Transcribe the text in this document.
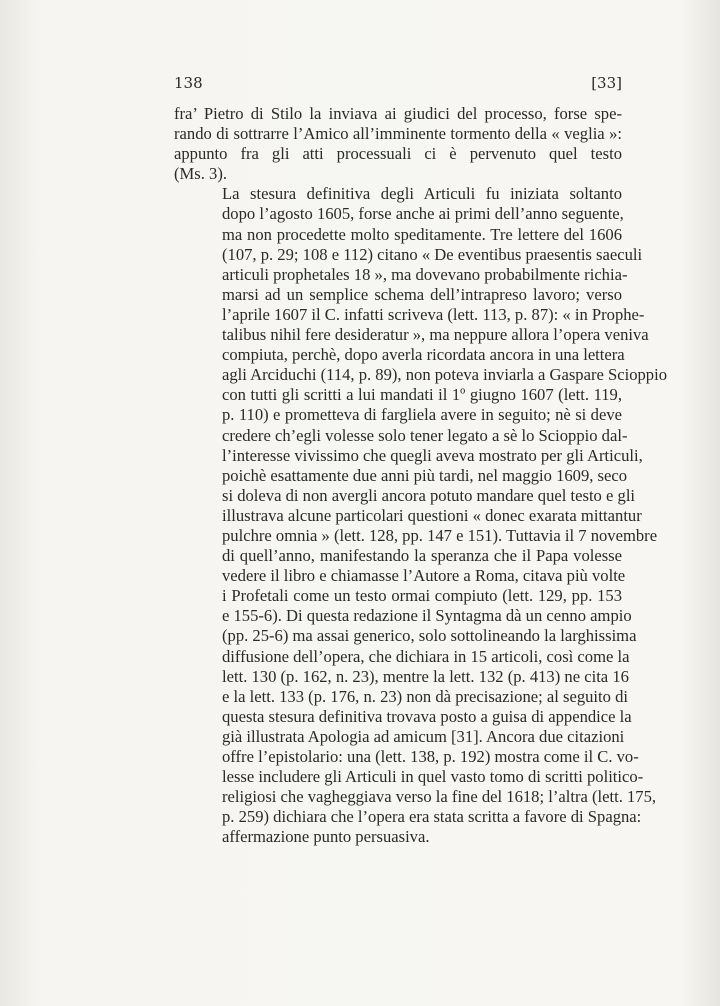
138	[33]

fra’ Pietro di Stilo la inviava ai giudici del processo, forse spe-
rando di sottrarre l’Amico all’imminente tormento della « veglia »:
appunto fra gli atti processuali ci è pervenuto quel testo
(Ms. 3).

La stesura definitiva degli Articuli fu iniziata soltanto
dopo l’agosto 1605, forse anche ai primi dell’anno seguente,
ma non procedette molto speditamente. Tre lettere del 1606
(107, p. 29; 108 e 112) citano « De eventibus praesentis saeculi
articuli prophetales 18 », ma dovevano probabilmente richia-
marsi ad un semplice schema dell’intrapreso lavoro; verso
l’aprile 1607 il C. infatti scriveva (lett. 113, p. 87): « in Prophe-
talibus nihil fere desideratur », ma neppure allora l’opera veniva
compiuta, perchè, dopo averla ricordata ancora in una lettera
agli Arciduchi (114, p. 89), non poteva inviarla a Gaspare Scioppio
con tutti gli scritti a lui mandati il 1º giugno 1607 (lett. 119,
p. 110) e prometteva di fargliela avere in seguito; nè si deve
credere ch’egli volesse solo tener legato a sè lo Scioppio dal-
l’interesse vivissimo che quegli aveva mostrato per gli Articuli,
poichè esattamente due anni più tardi, nel maggio 1609, seco
si doleva di non avergli ancora potuto mandare quel testo e gli
illustrava alcune particolari questioni « donec exarata mittantur
pulchre omnia » (lett. 128, pp. 147 e 151). Tuttavia il 7 novembre
di quell’anno, manifestando la speranza che il Papa volesse
vedere il libro e chiamasse l’Autore a Roma, citava più volte
i Profetali come un testo ormai compiuto (lett. 129, pp. 153
e 155-6). Di questa redazione il Syntagma dà un cenno ampio
(pp. 25-6) ma assai generico, solo sottolineando la larghissima
diffusione dell’opera, che dichiara in 15 articoli, così come la
lett. 130 (p. 162, n. 23), mentre la lett. 132 (p. 413) ne cita 16
e la lett. 133 (p. 176, n. 23) non dà precisazione; al seguito di
questa stesura definitiva trovava posto a guisa di appendice la
già illustrata Apologia ad amicum [31]. Ancora due citazioni
offre l’epistolario: una (lett. 138, p. 192) mostra come il C. vo-
lesse includere gli Articuli in quel vasto tomo di scritti politico-
religiosi che vagheggiava verso la fine del 1618; l’altra (lett. 175,
p. 259) dichiara che l’opera era stata scritta a favore di Spagna:
affermazione punto persuasiva.
